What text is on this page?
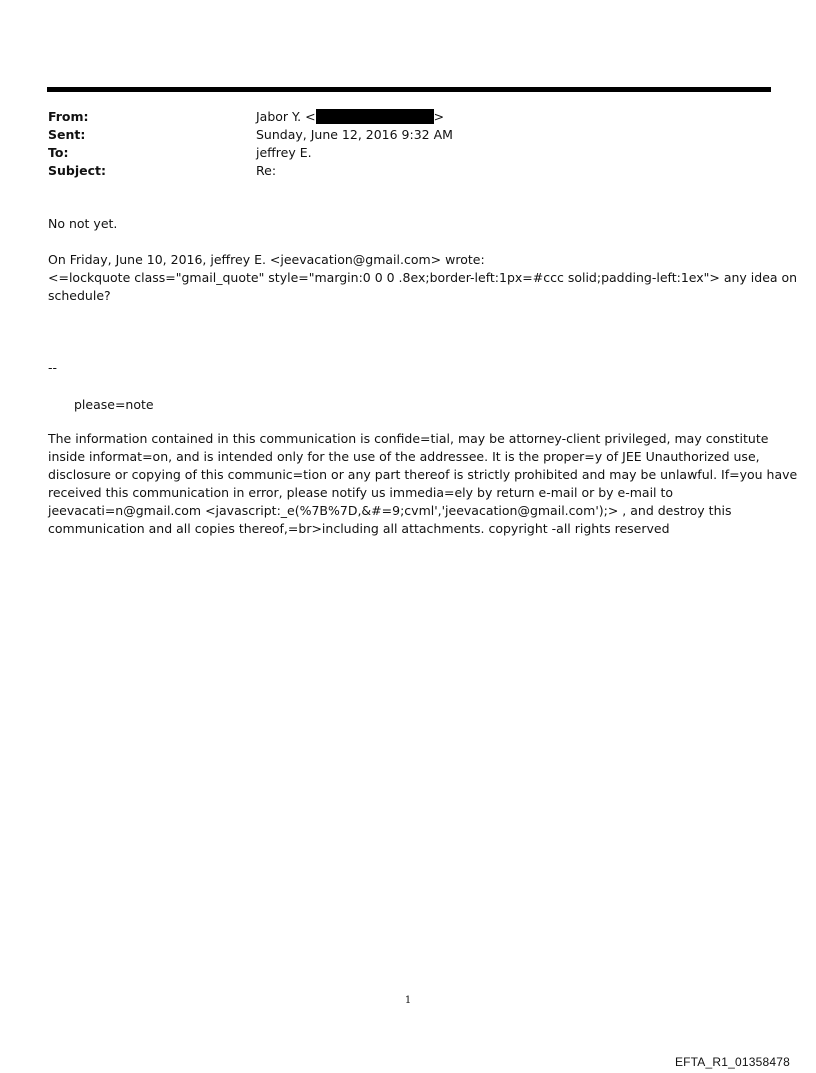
From:	Jabor Y. <	>
Sent:	Sunday, June 12, 2016 9:32 AM
To:	jeffrey E.
Subject:	Re:

No not yet.

On Friday, June 10, 2016, jeffrey E. <jeevacation@gmail.com> wrote:
<=lockquote class="gmail_quote" style="margin:0 0 0 .8ex;border-left:1px=#ccc solid;padding-left:1ex"> any idea on
schedule?

--

please=note
The information contained in this communication is confide=tial, may be attorney-client privileged, may constitute
inside informat=on, and is intended only for the use of the addressee. It is the proper=y of JEE Unauthorized use,
disclosure or copying of this communic=tion or any part thereof is strictly prohibited and may be unlawful. If=you have
received this communication in error, please notify us immedia=ely by return e-mail or by e-mail to
jeevacati=n@gmail.com <javascript:_e(%7B%7D,&#=9;cvml','jeevacation@gmail.com');> , and destroy this
communication and all copies thereof,=br>including all attachments. copyright -all rights reserved
1
EFTA_R1_01358478
